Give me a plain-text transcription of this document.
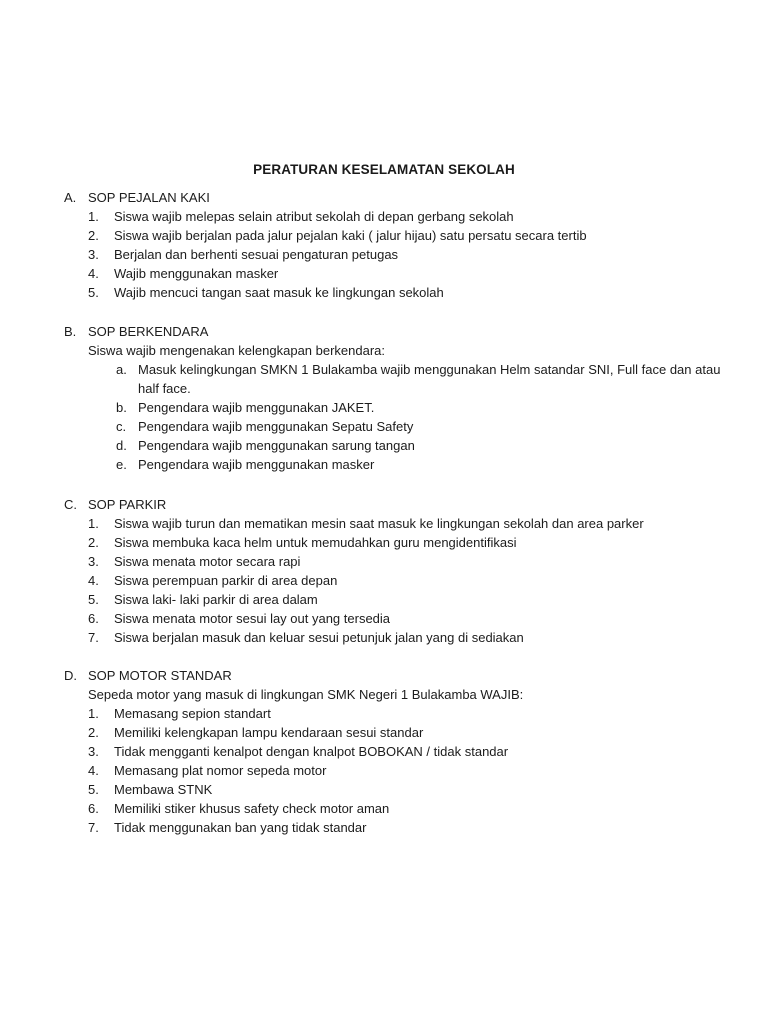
PERATURAN KESELAMATAN SEKOLAH
A. SOP PEJALAN KAKI
1.	Siswa wajib melepas selain atribut sekolah di depan gerbang sekolah
2.	Siswa wajib berjalan pada jalur pejalan kaki ( jalur hijau) satu persatu secara tertib
3.	Berjalan dan berhenti sesuai pengaturan petugas
4.	Wajib menggunakan masker
5.	Wajib mencuci tangan saat masuk ke lingkungan sekolah
B. SOP BERKENDARA
Siswa wajib mengenakan kelengkapan berkendara:
a. Masuk kelingkungan SMKN 1 Bulakamba wajib menggunakan Helm satandar SNI, Full face dan atau half face.
b. Pengendara wajib menggunakan JAKET.
c. Pengendara wajib menggunakan Sepatu Safety
d. Pengendara wajib menggunakan sarung tangan
e. Pengendara wajib menggunakan masker
C. SOP PARKIR
1.	Siswa wajib turun dan mematikan mesin saat masuk ke lingkungan sekolah dan area parker
2.	Siswa membuka kaca helm untuk memudahkan guru mengidentifikasi
3.	Siswa menata motor secara rapi
4.	Siswa perempuan parkir di area depan
5.	Siswa laki- laki parkir di area dalam
6.	Siswa menata motor sesui lay out yang tersedia
7.	Siswa berjalan masuk dan keluar sesui petunjuk jalan yang di sediakan
D. SOP MOTOR STANDAR
Sepeda motor yang masuk di lingkungan SMK Negeri 1 Bulakamba WAJIB:
1.	Memasang sepion standart
2.	Memiliki kelengkapan lampu kendaraan sesui standar
3.	Tidak mengganti kenalpot dengan knalpot BOBOKAN / tidak standar
4.	Memasang plat nomor sepeda motor
5.	Membawa STNK
6.	Memiliki stiker khusus safety check motor aman
7.	Tidak menggunakan ban yang tidak standar
